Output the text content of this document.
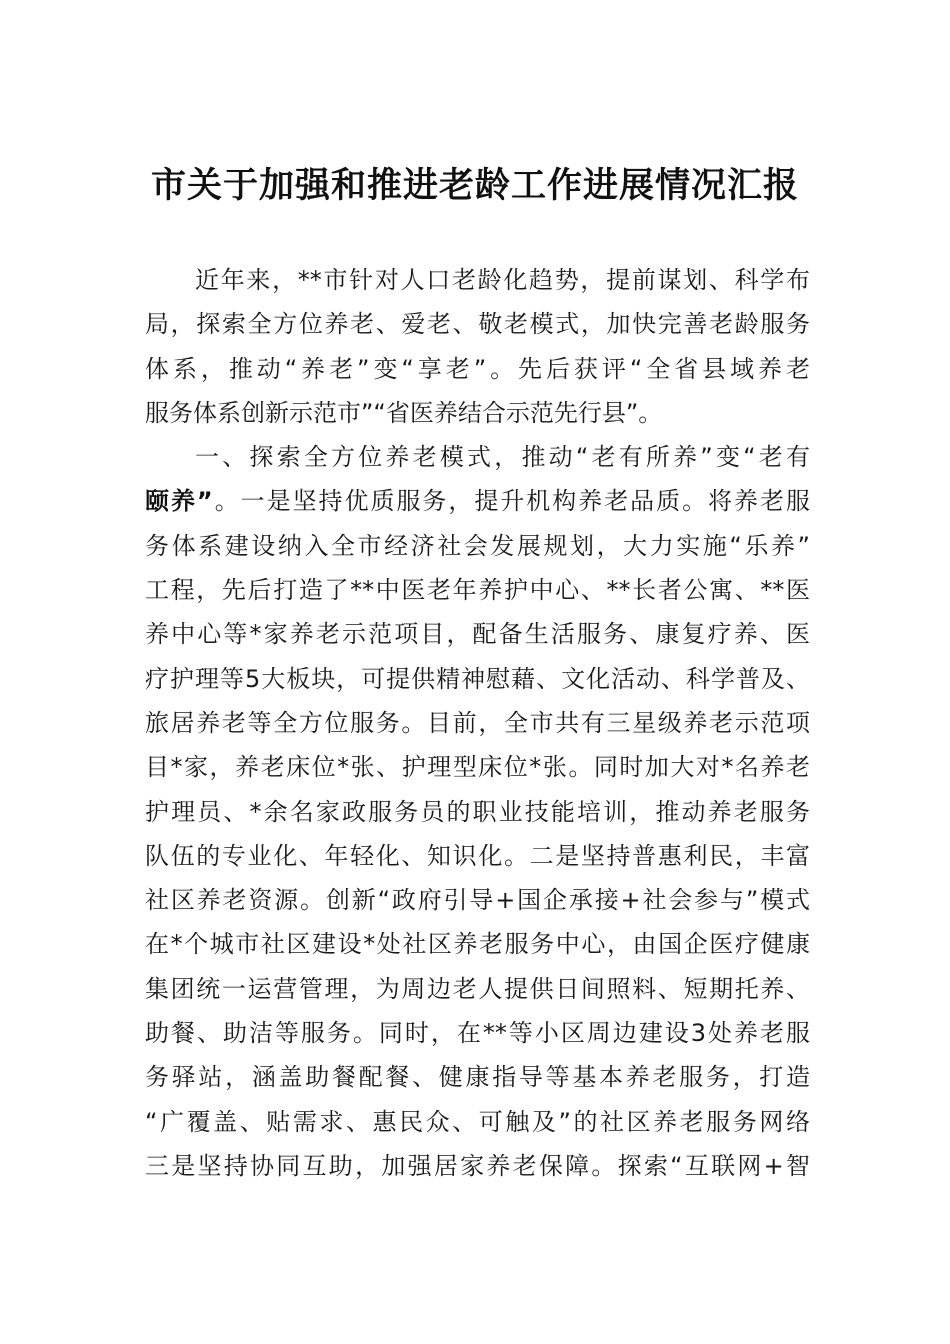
市关于加强和推进老龄工作进展情况汇报
近年来，**市针对人口老龄化趋势，提前谋划、科学布
局，探索全方位养老、爱老、敬老模式，加快完善老龄服务
体系，推动“养老”变“享老”。先后获评“全省县域养老
服务体系创新示范市”“省医养结合示范先行县”。
一、探索全方位养老模式，推动“老有所养”变“老有
颐养”。一是坚持优质服务，提升机构养老品质。将养老服
务体系建设纳入全市经济社会发展规划，大力实施“乐养”
工程，先后打造了**中医老年养护中心、**长者公寓、**医
养中心等*家养老示范项目，配备生活服务、康复疗养、医
疗护理等5大板块，可提供精神慰藉、文化活动、科学普及、
旅居养老等全方位服务。目前，全市共有三星级养老示范项
目*家，养老床位*张、护理型床位*张。同时加大对*名养老
护理员、*余名家政服务员的职业技能培训，推动养老服务
队伍的专业化、年轻化、知识化。二是坚持普惠利民，丰富
社区养老资源。创新“政府引导+国企承接+社会参与”模式
在*个城市社区建设*处社区养老服务中心，由国企医疗健康
集团统一运营管理，为周边老人提供日间照料、短期托养、
助餐、助洁等服务。同时，在**等小区周边建设3处养老服
务驿站，涵盖助餐配餐、健康指导等基本养老服务，打造
“广覆盖、贴需求、惠民众、可触及”的社区养老服务网络
三是坚持协同互助，加强居家养老保障。探索“互联网+智
